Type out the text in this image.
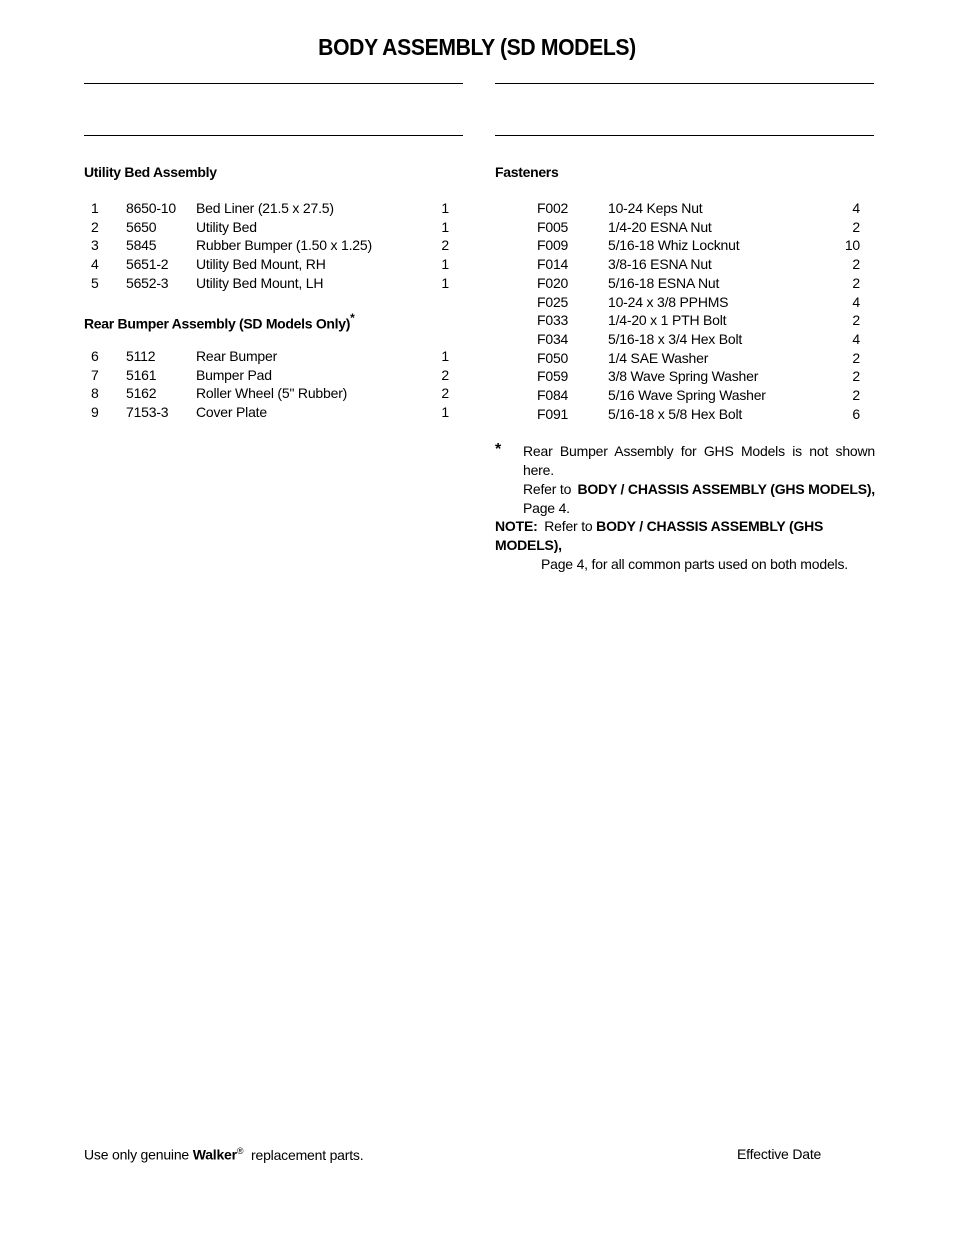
BODY ASSEMBLY (SD MODELS)
Utility Bed Assembly
1 8650-10 Bed Liner (21.5 x 27.5)	1
2 5650	Utility Bed	1
3 5845	Rubber Bumper (1.50 x 1.25)	2
4 5651-2 Utility Bed Mount, RH	1
5 5652-3 Utility Bed Mount, LH	1
Rear Bumper Assembly (SD Models Only)*
6 5112	Rear Bumper	1
7 5161	Bumper Pad	2
8 5162	Roller Wheel (5" Rubber)	2
9 7153-3 Cover Plate	1
Fasteners
F002	10-24 Keps Nut	4
F005	1/4-20 ESNA Nut	2
F009	5/16-18 Whiz Locknut	10
F014	3/8-16 ESNA Nut	2
F020	5/16-18 ESNA Nut	2
F025	10-24 x 3/8 PPHMS	4
F033	1/4-20 x 1 PTH Bolt	2
F034	5/16-18 x 3/4 Hex Bolt	4
F050	1/4 SAE Washer	2
F059	3/8 Wave Spring Washer	2
F084	5/16 Wave Spring Washer	2
F091	5/16-18 x 5/8 Hex Bolt	6
* Rear Bumper Assembly for GHS Models is not shown here.
Refer to BODY / CHASSIS ASSEMBLY (GHS MODELS),
Page 4.
NOTE: Refer to BODY / CHASSIS ASSEMBLY (GHS MODELS),
Page 4, for all common parts used on both models.
Use only genuine Walker® replacement parts.	Effective Date
